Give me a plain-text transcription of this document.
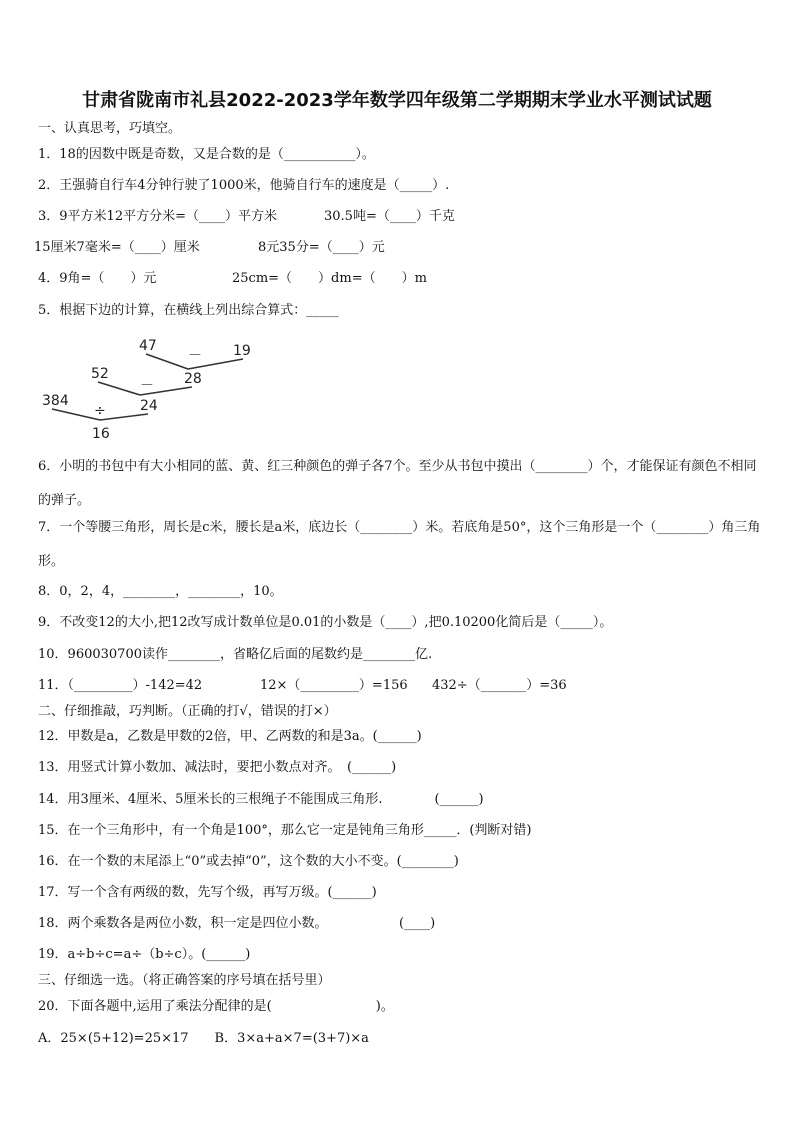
甘肃省陇南市礼县2022-2023学年数学四年级第二学期期末学业水平测试试题
一、认真思考，巧填空。
1．18的因数中既是奇数，又是合数的是（___________）。
2．王强骑自行车4分钟行驶了1000米，他骑自行车的速度是（_____）.
3．9平方米12平方分米=（____）平方米	30.5吨=（____）千克
15厘米7毫米=（____）厘米	8元35分=（____）元
4．9角=（　　）元	25cm=（　　）dm=（　　）m
5．根据下边的计算，在横线上列出综合算式：_____
47
－ 19
52	28
－
384
÷ 24
16
6．小明的书包中有大小相同的蓝、黄、红三种颜色的弹子各7个。至少从书包中摸出（________）个，才能保证有颜色不相同的弹子。
7．一个等腰三角形，周长是c米，腰长是a米，底边长（________）米。若底角是50°，这个三角形是一个（________）角三角形。
8．0，2，4，________，________，10。
9．不改变12的大小,把12改写成计数单位是0.01的小数是（____）,把0.10200化简后是（_____）。
10．960030700读作________，省略亿后面的尾数约是________亿.
11．（_________）-142=42	12×（_________）=156 432÷（_______）=36
二、仔细推敲，巧判断。（正确的打√，错误的打×）
12．甲数是a，乙数是甲数的2倍，甲、乙两数的和是3a。(______)
13．用竖式计算小数加、减法时，要把小数点对齐。　(______)
14．用3厘米、4厘米、5厘米长的三根绳子不能围成三角形.　　　　(______)
15．在一个三角形中，有一个角是100°，那么它一定是钝角三角形_____．(判断对错)
16．在一个数的末尾添上“0”或去掉“0”，这个数的大小不变。(________)
17．写一个含有两级的数，先写个级，再写万级。(______)
18．两个乘数各是两位小数，积一定是四位小数。　　　　　　(____)
19．a÷b÷c=a÷（b÷c）。(______)
三、仔细选一选。（将正确答案的序号填在括号里）
20．下面各题中,运用了乘法分配律的是(　　　　　　　　)。
A．25×(5+12)=25×17　　B．3×a+a×7=(3+7)×a
